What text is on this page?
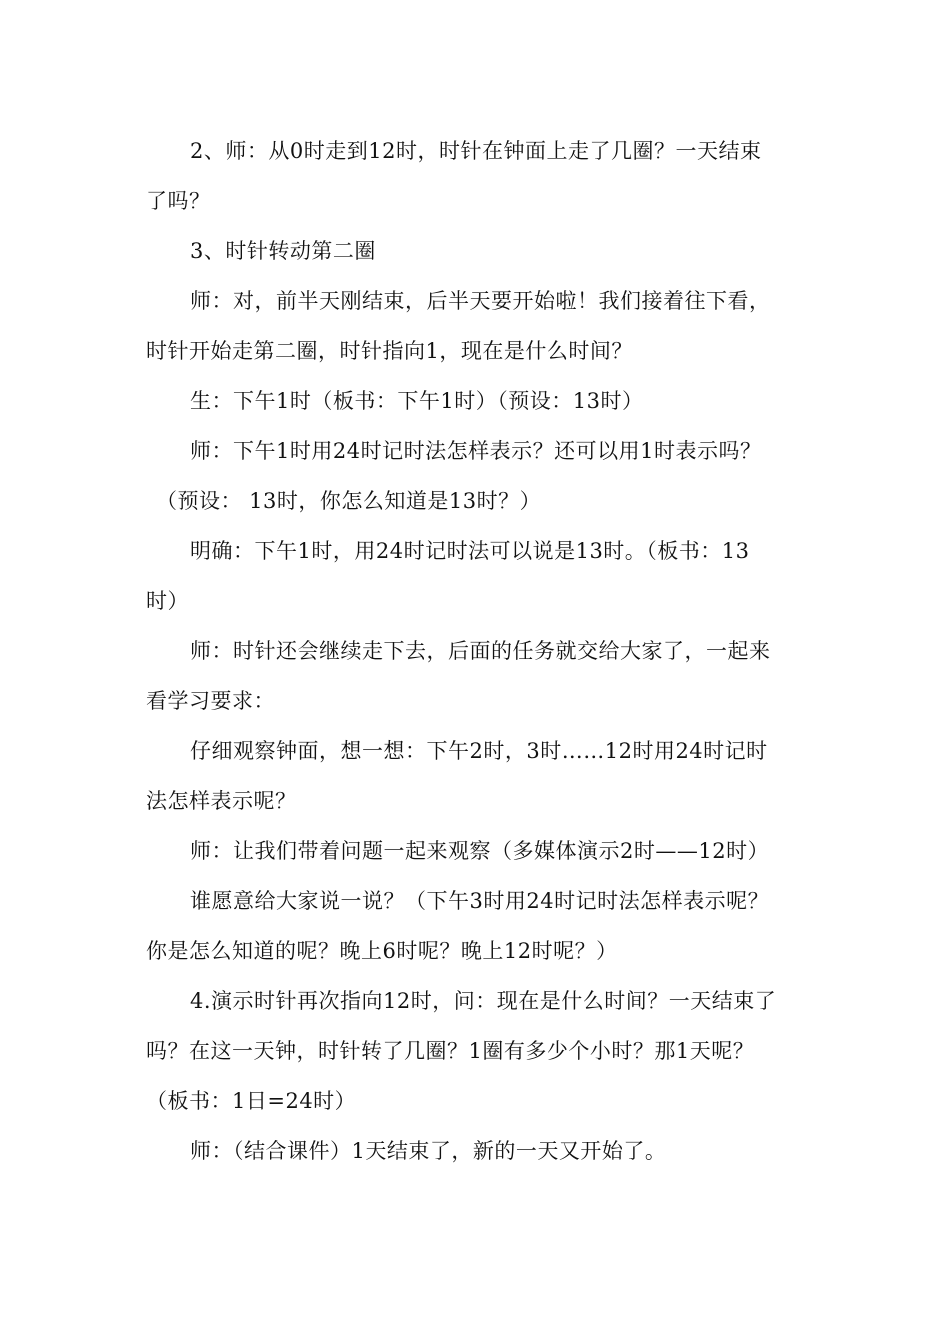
2、师：从0时走到12时，时针在钟面上走了几圈？一天结束
了吗？
3、时针转动第二圈
师：对，前半天刚结束，后半天要开始啦！我们接着往下看，
时针开始走第二圈，时针指向1，现在是什么时间？
生：下午1时（板书：下午1时）（预设：13时）
师：下午1时用24时记时法怎样表示？还可以用1时表示吗？
（预设： 13时，你怎么知道是13时？）
明确：下午1时，用24时记时法可以说是13时。（板书：13
时）
师：时针还会继续走下去，后面的任务就交给大家了，一起来
看学习要求：
仔细观察钟面，想一想：下午2时，3时……12时用24时记时
法怎样表示呢？
师：让我们带着问题一起来观察（多媒体演示2时——12时）
谁愿意给大家说一说？（下午3时用24时记时法怎样表示呢？
你是怎么知道的呢？晚上6时呢？晚上12时呢？）
4.演示时针再次指向12时，问：现在是什么时间？一天结束了
吗？在这一天钟，时针转了几圈？1圈有多少个小时？那1天呢？
（板书：1日=24时）
师：（结合课件）1天结束了，新的一天又开始了。
